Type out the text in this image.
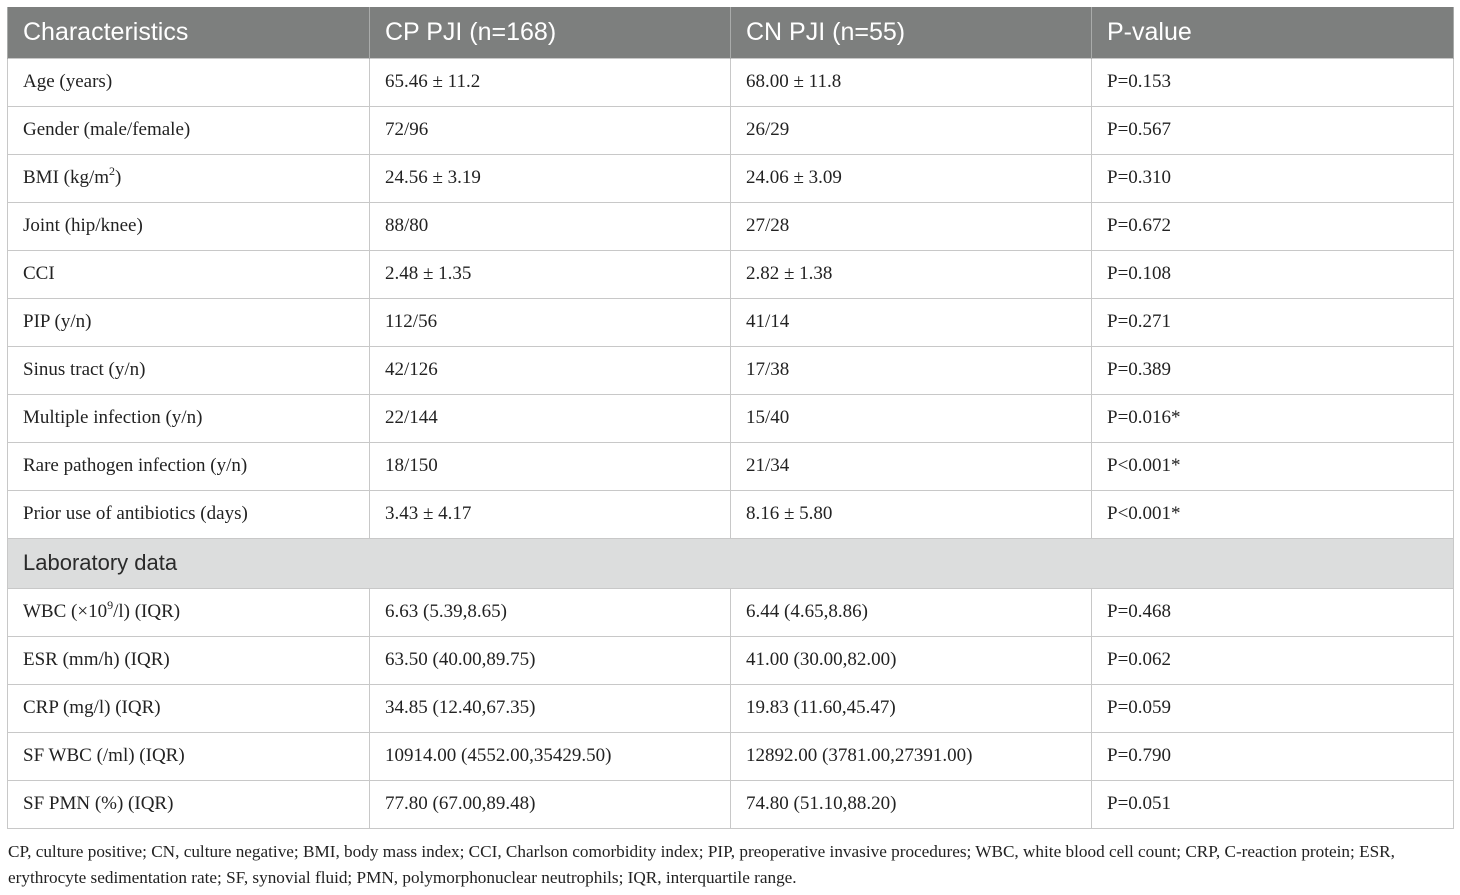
Characteristics	CP PJI (n=168)	CN PJI (n=55)	P-value
Age (years)	65.46 ± 11.2	68.00 ± 11.8	P=0.153
Gender (male/female)	72/96	26/29	P=0.567
BMI $(kg/m^2)$	24.56 ± 3.19	24.06 ± 3.09	P=0.310
Joint (hip/knee)	88/80	27/28	P=0.672
CCI	2.48 ± 1.35	2.82 ± 1.38	P=0.108
PIP (y/n)	112/56	41/14	P=0.271
Sinus tract (y/n)	42/126	17/38	P=0.389
Multiple infection (y/n)	22/144	15/40	P=0.016*
Rare pathogen infection (y/n)	18/150	21/34	P<0.001*
Prior use of antibiotics (days)	3.43 ± 4.17	8.16 ± 5.80	P<0.001*
Laboratory data			
WBC $(\times 10^9/l)$ (IQR)	6.63 (5.39,8.65)	6.44 (4.65,8.86)	P=0.468
ESR (mm/h) (IQR)	63.50 (40.00,89.75)	41.00 (30.00,82.00)	P=0.062
CRP (mg/l) (IQR)	34.85 (12.40,67.35)	19.83 (11.60,45.47)	P=0.059
SF WBC (/ml) (IQR)	10914.00 (4552.00,35429.50)	12892.00 (3781.00,27391.00)	P=0.790
SF PMN (%) (IQR)	77.80 (67.00,89.48)	74.80 (51.10,88.20)	P=0.051
CP, culture positive; CN, culture negative; BMI, body mass index; CCI, Charlson comorbidity index; PIP, preoperative invasive procedures; WBC, white blood cell count; CRP, C-reaction protein; ESR, erythrocyte sedimentation rate; SF, synovial fluid; PMN, polymorphonuclear neutrophils; IQR, interquartile range.
